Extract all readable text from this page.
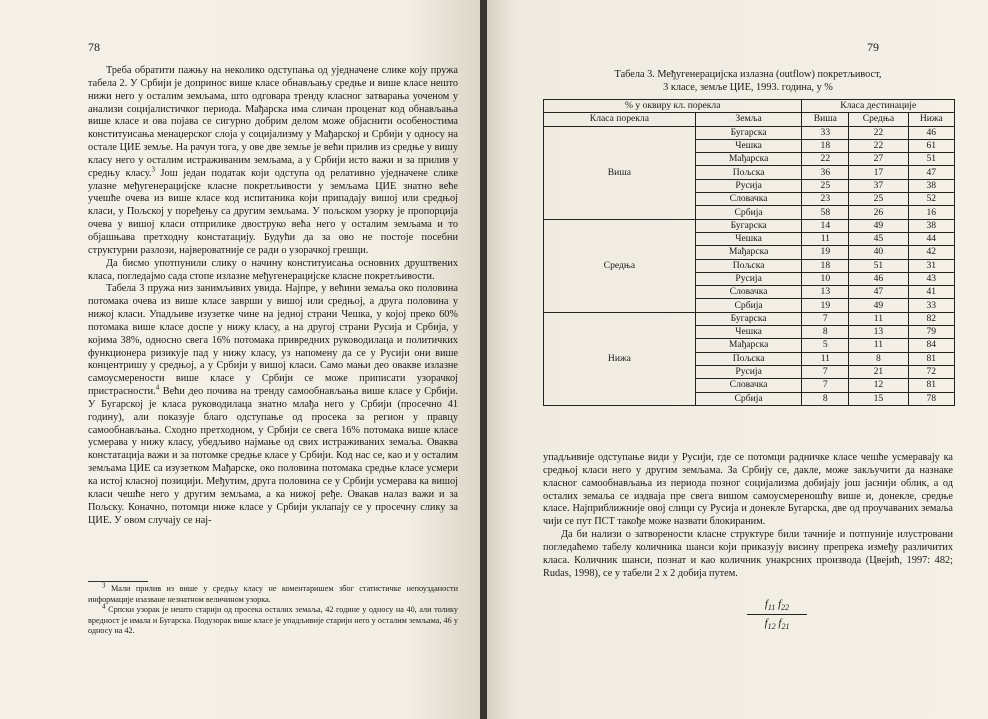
78

Треба обратити пажњу на неколико одступања од уједначене слике коју пружа табела 2. У Србији је доприноc више класе обнављању средње и више класе нешто нижи него у осталим земљама, што одговара тренду класног затварања уоченом у анализи социјалистичког периода. Мађарска има сличан проценат код обнављања више класе и ова појава се сигурно добрим делом може објаснити особеностима конституисања менаџерског слоја у социјализму у Мађарској и Србији у односу на остале ЦИЕ земље. На рачун тога, у ове две земље је већи прилив из средње у вишу класу него у осталим истраживаним земљама, а у Србији исто важи и за прилив у средњу класу.$^3$ Још један податак који одступа од релативно уједначене слике улазне међугенерацијске класне покретљивости у земљама ЦИЕ знатно веће учешће очева из више класе код испитаника који припадају вишој или средњој класи, у Пољској у поређењу са другим земљама. У пољском узорку је пропорција очева у вишој класи отприлике двоструко већа него у осталим земљама и то објашњава претходну констатацију. Будући да за ово не постоје посебни структурни разлози, највероватније се ради о узорачкој грешци.

Да бисмо употпунили слику о начину конституисања основних друштвених класа, погледајмо сада стопе излазне међугенерацијске класне покретљивости.

Табела 3 пружа низ занимљивих увида. Најпре, у већини земаља око половина потомака очева из више класе заврши у вишој или средњој, а друга половина у нижој класи. Упадљиве изузетке чине на једној страни Чешка, у којој преко 60% потомака више класе доспе у нижу класу, а на другој страни Русија и Србија, у којима 38%, односно свега 16% потомака привредних руководилаца и политичких функционера ризикује пад у нижу класу, уз напомену да се у Русији они више концентришу у средњој, а у Србији у вишој класи. Само мањи део овакве излазне самоусмерености више класе у Србији се може приписати узорачкој пристрасности.$^4$ Већи део почива на тренду самообнављања више класе у Србији. У Бугарској је класа руководилаца знатно млађа него у Србији (просечно 41 годину), али показује благо одступање од просека за регион у правцу самообнављања. Сходно претходном, у Србији се свега 16% потомака више класе усмерава у нижу класу, убедљиво најмање од свих истраживаних земаља. Оваква констатација важи и за потомке средње класе у Србији. Код нас се, као и у осталим земљама ЦИЕ са изузетком Мађарске, око половина потомака средње класе усмери ка истој класној позицији. Међутим, друга половина се у Србији усмерава ка вишој класи чешће него у другим земљама, а ка нижој ређе. Овакав налаз важи и за Пољску. Коначно, потомци ниже класе у Србији уклапају се у просечну слику за ЦИЕ. У овом случају се нај-

$^3$ Мали прилив из више у средњу класу не коментаришем због статистичке непоузданости информације изазване незнатном величином узорка.

$^4$ Српски узорак је нешто старији од просека осталих земаља, 42 године у односу на 40, али толику вредност је имала и Бугарска. Подузорак више класе је упадљивије старији него у осталим земљама, 46 у односу на 42.

79
Табела 3. Међугенерацијска излазна (outflow) покретљивост,
3 класе, земље ЦИЕ, 1993. година, у %
% у оквиру кл. порекла		Класа дестинације		
Класа порекла	Земља	Виша	Средња	Нижа
Виша	Бугарска	33	22	46
	Чешка	18	22	61
	Мађарска	22	27	51
	Пољска	36	17	47
	Русија	25	37	38
	Словачка	23	25	52
	Србија	58	26	16
Средња	Бугарска	14	49	38
	Чешка	11	45	44
	Мађарска	19	40	42
	Пољска	18	51	31
	Русија	10	46	43
	Словачка	13	47	41
	Србија	19	49	33
Нижа	Бугарска	7	11	82
	Чешка	8	13	79
	Мађарска	5	11	84
	Пољска	11	8	81
	Русија	7	21	72
	Словачка	7	12	81
	Србија	8	15	78

упадљивије одступање види у Русији, где се потомци радничке класе чешће усмеравају ка средњој класи него у другим земљама. За Србију се, дакле, може закључити да назнаке класног самообнављања из периода позног социјализма добијају још јаснији облик, а од осталих земаља се издваја пре свега вишом самоусмереношћу више и, донекле, средње класе. Најприближније овој слици су Русија и донекле Бугарска, две од проучаваних земаља чији се пут ПСТ такође може назвати блокираним.

Да би нализи о затворености класне структуре били тачније и потпуније илустровани погледаћемо табелу количника шанси који приказују висину препрека између различитих класа. Количник шанси, познат и као количник унакрсних производа (Цвејић, 1997: 482; Rudas, 1998), се у табели 2 x 2 добија путем.

$f_{11}$ $f_{22}$
$f_{12}$ $f_{21}$
